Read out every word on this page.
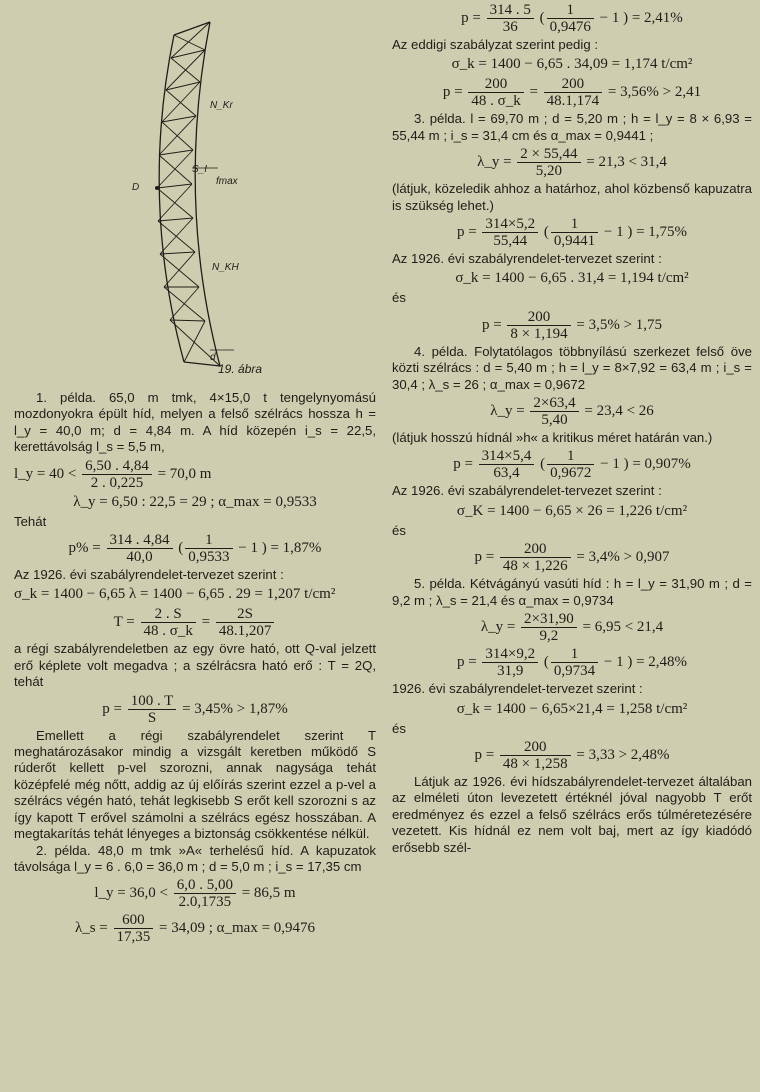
N_Kr
S_I
fmax
D
N_KH
d
19. ábra

1. példa. 65,0 m tmk, 4×15,0 t tengelynyomású mozdonyokra épült híd, melyen a felső szélrács hossza h = l_y = 40,0 m; d = 4,84 m. A híd közepén i_s = 22,5, kerettávolság l_s = 5,5 m,

l_y = $40 < \frac{6,50 . 4,84}{2 . 0,225} = 70,0$ m
λ_y = 6,50 : 22,5 = 29 ; α_max = 0,9533

Tehát

$p\% = \frac{314 . 4,84}{40,0}$ ( $\frac{1}{0,9533} - 1$ ) = 1,87%

Az 1926. évi szabályrendelet-tervezet szerint :

σ_k = 1400 − 6,65 λ = 1400 − 6,65 . 29 = 1,207 t/cm²
$T = \frac{2 . S}{48 . \sigma\_k} = \frac{2S}{48.1,207}$

a régi szabályrendeletben az egy övre ható, ott Q-val jelzett erő képlete volt megadva ; a szélrácsra ható erő : T = 2Q, tehát

$p = \frac{100 . T}{S} = 3,45\% > 1,87\%$

Emellett a régi szabályrendelet szerint T meghatározásakor mindig a vizsgált keretben működő S rúderőt kellett p-vel szorozni, annak nagysága tehát középfelé még nőtt, addig az új előírás szerint ezzel a p-vel a szélrács végén ható, tehát legkisebb S erőt kell szorozni s az így kapott T erővel számolni a szélrács egész hosszában. A megtakarítás tehát lényeges a biztonság csökkentése nélkül.

2. példa. 48,0 m tmk »A« terhelésű híd. A kapuzatok távolsága l_y = 6 . 6,0 = 36,0 m ; d = 5,0 m ; i_s = 17,35 cm

l_y = $36,0 < \frac{6,0 . 5,00}{2.0,1735} = 86,5$ m
λ_s = $\frac{600}{17,35} = 34,09$ ; α_max = 0,9476
$p = \frac{314 . 5}{36}$ ( $\frac{1}{0,9476} - 1$ ) = 2,41%

Az eddigi szabályzat szerint pedig :

σ_k = 1400 − 6,65 . 34,09 = 1,174 t/cm²
$p = \frac{200}{48 . \sigma\_k} = \frac{200}{48.1,174} = 3,56\% > 2,41$

3. példa. l = 69,70 m ; d = 5,20 m ; h = l_y = 8 × 6,93 = 55,44 m ; i_s = 31,4 cm és α_max = 0,9441 ;

λ_y = $\frac{2 \times 55,44}{5,20} = 21,3 < 31,4$

(látjuk, közeledik ahhoz a határhoz, ahol közbenső kapuzatra is szükség lehet.)

$p = \frac{314\times 5,2}{55,44}$ ( $\frac{1}{0,9441} - 1$ ) = 1,75%

Az 1926. évi szabályrendelet-tervezet szerint :

σ_k = 1400 − 6,65 . 31,4 = 1,194 t/cm²

és

$p = \frac{200}{8 \times 1,194} = 3,5\% > 1,75$

4. példa. Folytatólagos többnyílású szerkezet felső öve közti szélrács : d = 5,40 m ; h = l_y = 8×7,92 = 63,4 m ; i_s = 30,4 ; λ_s = 26 ; α_max = 0,9672

λ_y = $\frac{2\times 63,4}{5,40} = 23,4 < 26$

(látjuk hosszú hídnál »h« a kritikus méret határán van.)

$p = \frac{314\times 5,4}{63,4}$ ( $\frac{1}{0,9672} - 1$ ) = 0,907%

Az 1926. évi szabályrendelet-tervezet szerint :

σ_K = 1400 − 6,65 × 26 = 1,226 t/cm²

és

$p = \frac{200}{48 \times 1,226} = 3,4\% > 0,907$

5. példa. Kétvágányú vasúti híd : h = l_y = 31,90 m ; d = 9,2 m ; λ_s = 21,4 és α_max = 0,9734

λ_y = $\frac{2\times 31,90}{9,2} = 6,95 < 21,4$
$p = \frac{314\times 9,2}{31,9}$ ( $\frac{1}{0,9734} - 1$ ) = 2,48%

1926. évi szabályrendelet-tervezet szerint :

σ_k = 1400 − 6,65×21,4 = 1,258 t/cm²

és

$p = \frac{200}{48 \times 1,258} = 3,33 > 2,48\%$

Látjuk az 1926. évi hídszabályrendelet-tervezet általában az elméleti úton levezetett értéknél jóval nagyobb T erőt eredményez és ezzel a felső szélrács erős túlméretezésére vezetett. Kis hídnál ez nem volt baj, mert az így kiadódó erősebb szél-
